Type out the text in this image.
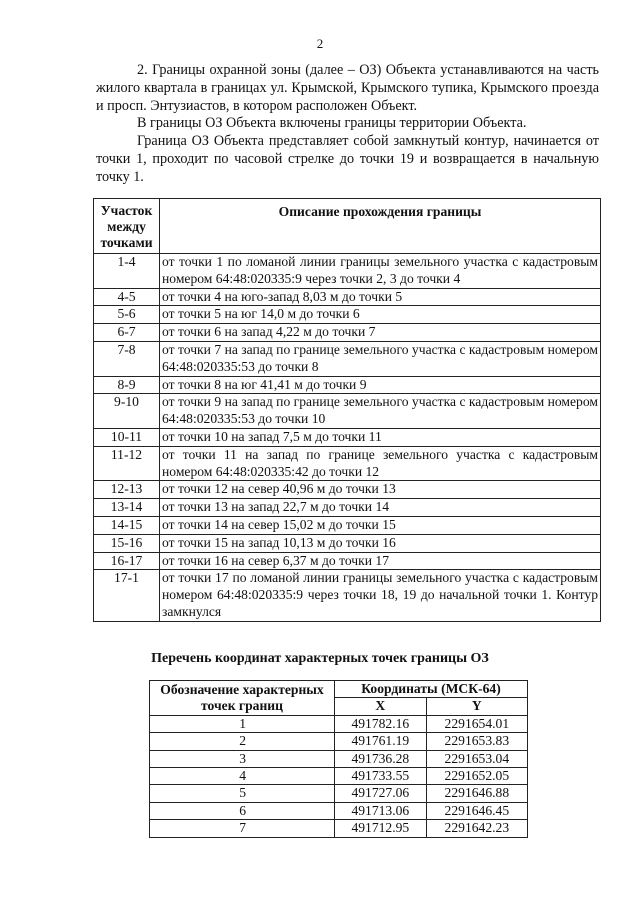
2

2. Границы охранной зоны (далее – ОЗ) Объекта устанавливаются на часть жилого квартала в границах ул. Крымской, Крымского тупика, Крымского проезда и просп. Энтузиастов, в котором расположен Объект.

В границы ОЗ Объекта включены границы территории Объекта.

Граница ОЗ Объекта представляет собой замкнутый контур, начинается от точки 1, проходит по часовой стрелке до точки 19 и возвращается в начальную точку 1.

Участок между точками	Описание прохождения границы
1-4	от точки 1 по ломаной линии границы земельного участка с кадастровым номером 64:48:020335:9 через точки 2, 3 до точки 4
4-5	от точки 4 на юго-запад 8,03 м до точки 5
5-6	от точки 5 на юг 14,0 м до точки 6
6-7	от точки 6 на запад 4,22 м до точки 7
7-8	от точки 7 на запад по границе земельного участка с кадастровым номером 64:48:020335:53 до точки 8
8-9	от точки 8 на юг 41,41 м до точки 9
9-10	от точки 9 на запад по границе земельного участка с кадастровым номером 64:48:020335:53 до точки 10
10-11	от точки 10 на запад 7,5 м до точки 11
11-12	от точки 11 на запад по границе земельного участка с кадастровым номером 64:48:020335:42 до точки 12
12-13	от точки 12 на север 40,96 м до точки 13
13-14	от точки 13 на запад 22,7 м до точки 14
14-15	от точки 14 на север 15,02 м до точки 15
15-16	от точки 15 на запад 10,13 м до точки 16
16-17	от точки 16 на север 6,37 м до точки 17
17-1	от точки 17 по ломаной линии границы земельного участка с кадастровым номером 64:48:020335:9 через точки 18, 19 до начальной точки 1. Контур замкнулся
Перечень координат характерных точек границы ОЗ
Обозначение характерных точек границ	Координаты (МСК-64)	
	X	Y
1	491782.16	2291654.01
2	491761.19	2291653.83
3	491736.28	2291653.04
4	491733.55	2291652.05
5	491727.06	2291646.88
6	491713.06	2291646.45
7	491712.95	2291642.23
